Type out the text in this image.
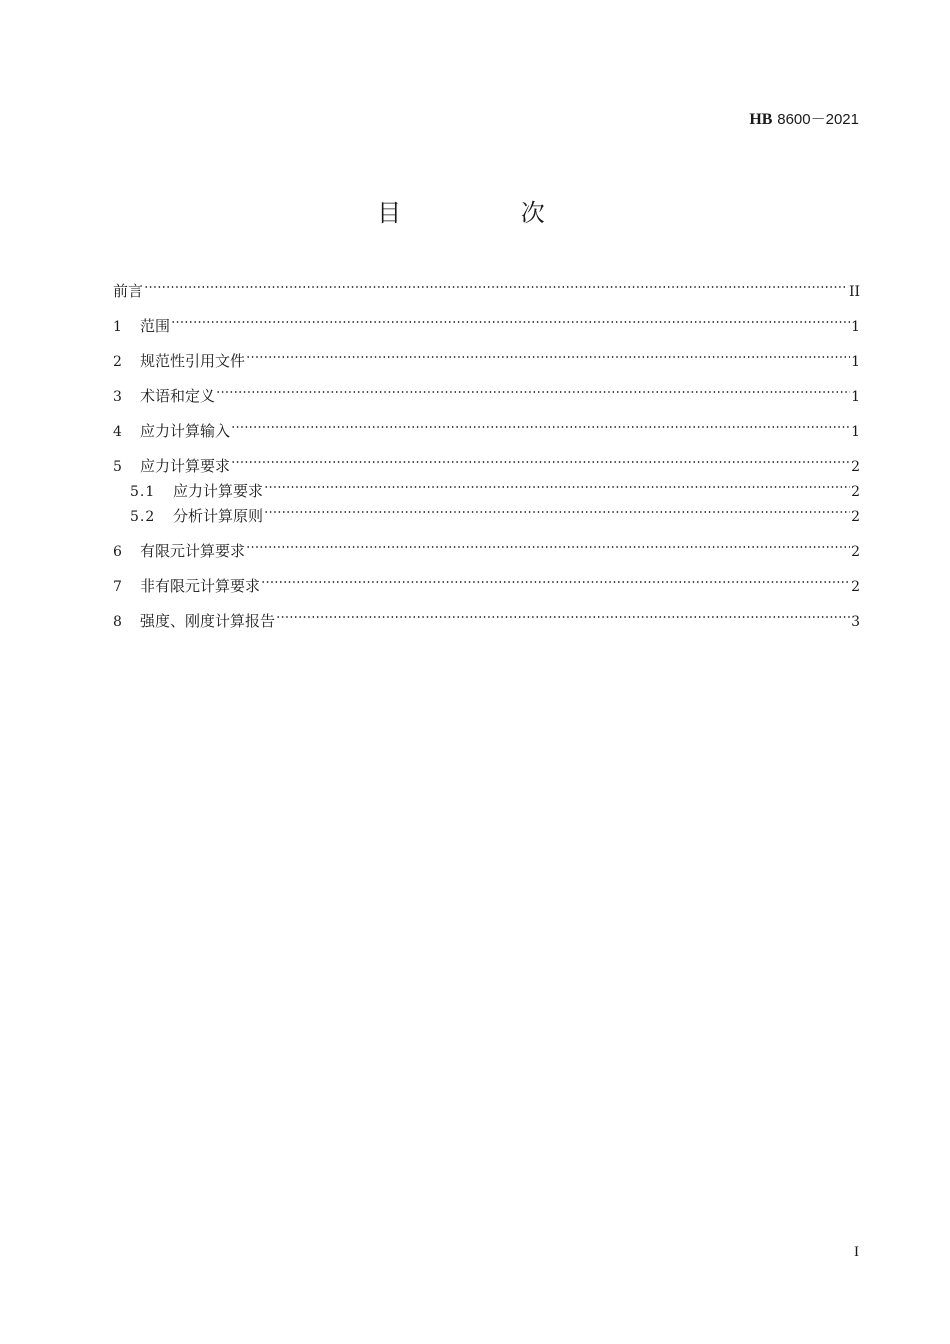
HB 8600－2021
目 次
前言	II
1	范围	1
2	规范性引用文件	1
3	术语和定义	1
4	应力计算输入	1
5	应力计算要求	2
5.1	应力计算要求	2
5.2	分析计算原则	2
6	有限元计算要求	2
7	非有限元计算要求	2
8	强度、刚度计算报告	3
I
